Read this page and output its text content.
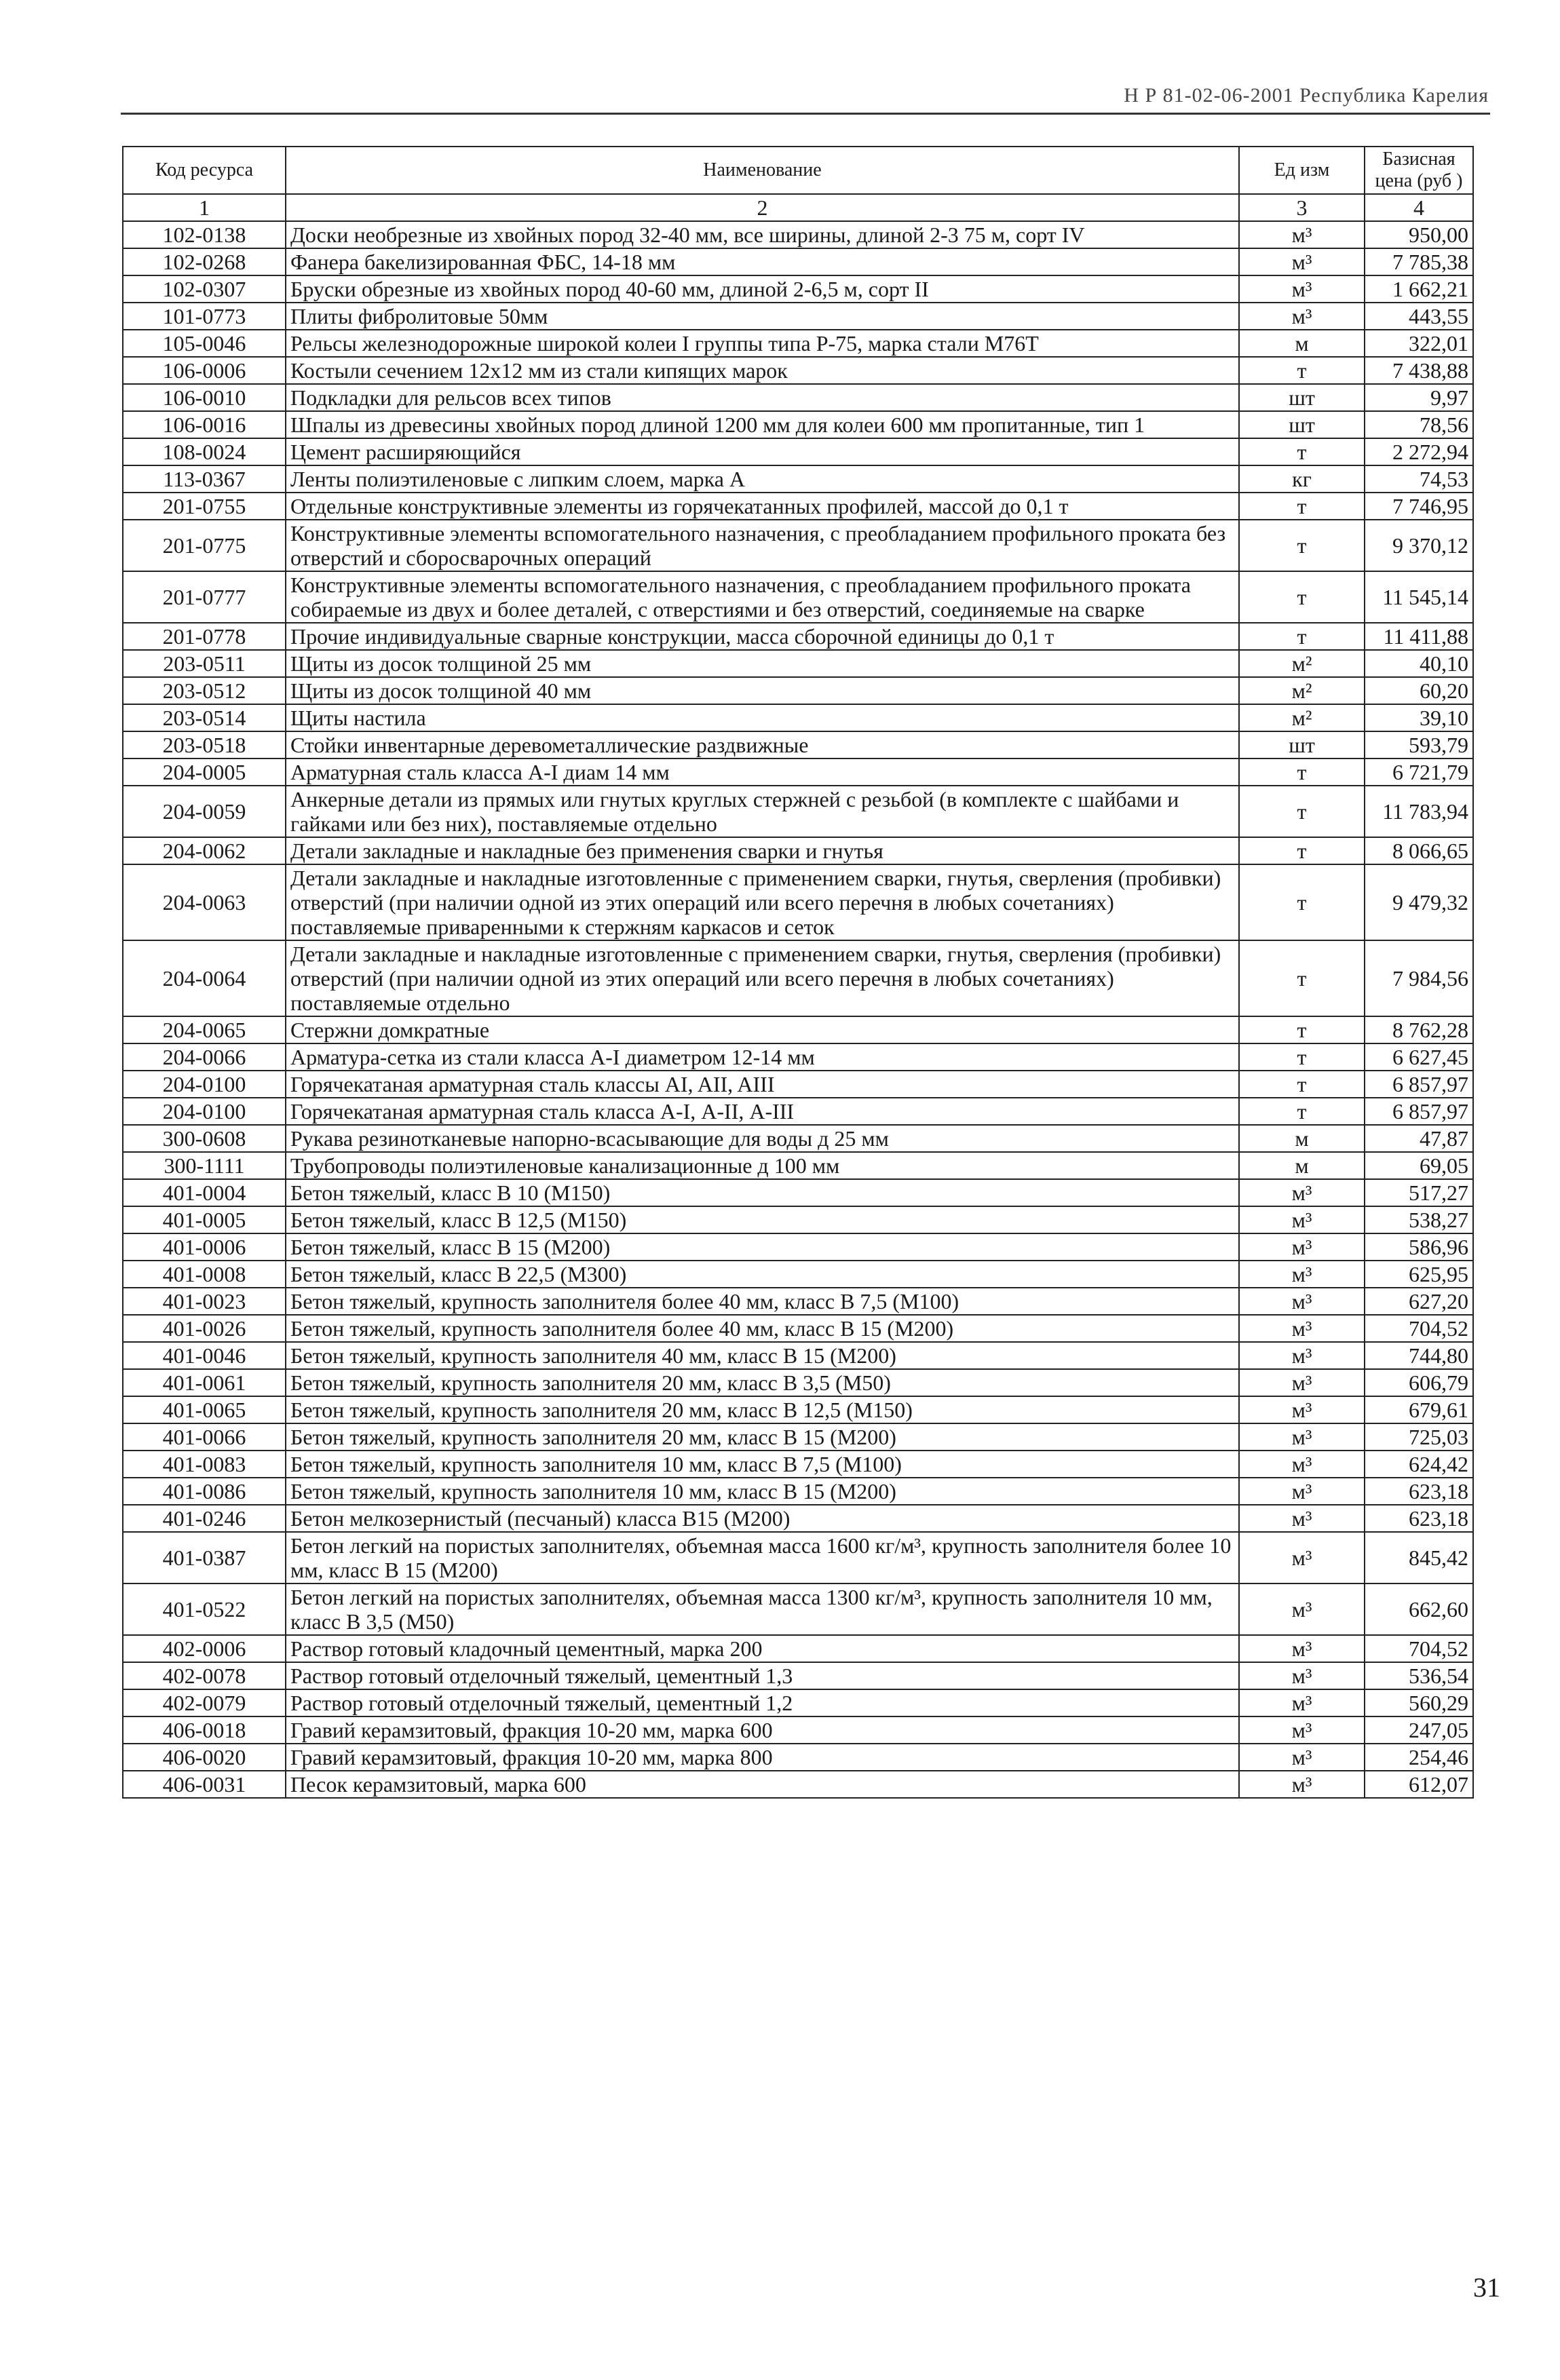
Н Р 81-02-06-2001 Республика Карелия
Код ресурса	Наименование	Ед изм	Базисная цена (руб )
1	2	3	4
102-0138	Доски необрезные из хвойных пород 32-40 мм, все ширины, длиной 2-3 75 м, сорт IV	м³	950,00
102-0268	Фанера бакелизированная ФБС, 14-18 мм	м³	7 785,38
102-0307	Бруски обрезные из хвойных пород 40-60 мм, длиной 2-6,5 м, сорт II	м³	1 662,21
101-0773	Плиты фибролитовые 50мм	м³	443,55
105-0046	Рельсы железнодорожные широкой колеи I группы типа Р-75, марка стали М76Т	м	322,01
106-0006	Костыли сечением 12х12 мм из стали кипящих марок	т	7 438,88
106-0010	Подкладки для рельсов всех типов	шт	9,97
106-0016	Шпалы из древесины хвойных пород длиной 1200 мм для колеи 600 мм пропитанные, тип 1	шт	78,56
108-0024	Цемент расширяющийся	т	2 272,94
113-0367	Ленты полиэтиленовые с липким слоем, марка А	кг	74,53
201-0755	Отдельные конструктивные элементы из горячекатанных профилей, массой до 0,1 т	т	7 746,95
201-0775	Конструктивные элементы вспомогательного назначения, с преобладанием профильного проката без отверстий и сборосварочных операций	т	9 370,12
201-0777	Конструктивные элементы вспомогательного назначения, с преобладанием профильного проката собираемые из двух и более деталей, с отверстиями и без отверстий, соединяемые на сварке	т	11 545,14
201-0778	Прочие индивидуальные сварные конструкции, масса сборочной единицы до 0,1 т	т	11 411,88
203-0511	Щиты из досок толщиной 25 мм	м²	40,10
203-0512	Щиты из досок толщиной 40 мм	м²	60,20
203-0514	Щиты настила	м²	39,10
203-0518	Стойки инвентарные деревометаллические раздвижные	шт	593,79
204-0005	Арматурная сталь класса А-I диам 14 мм	т	6 721,79
204-0059	Анкерные детали из прямых или гнутых круглых стержней с резьбой (в комплекте с шайбами и гайками или без них), поставляемые отдельно	т	11 783,94
204-0062	Детали закладные и накладные без применения сварки и гнутья	т	8 066,65
204-0063	Детали закладные и накладные изготовленные с применением сварки, гнутья, сверления (пробивки) отверстий (при наличии одной из этих операций или всего перечня в любых сочетаниях) поставляемые приваренными к стержням каркасов и сеток	т	9 479,32
204-0064	Детали закладные и накладные изготовленные с применением сварки, гнутья, сверления (пробивки) отверстий (при наличии одной из этих операций или всего перечня в любых сочетаниях) поставляемые отдельно	т	7 984,56
204-0065	Стержни домкратные	т	8 762,28
204-0066	Арматура-сетка из стали класса А-I диаметром 12-14 мм	т	6 627,45
204-0100	Горячекатаная арматурная сталь классы AI, AII, AIII	т	6 857,97
204-0100	Горячекатаная арматурная сталь класса А-I, А-II, А-III	т	6 857,97
300-0608	Рукава резинотканевые напорно-всасывающие для воды д 25 мм	м	47,87
300-1111	Трубопроводы полиэтиленовые канализационные д 100 мм	м	69,05
401-0004	Бетон тяжелый, класс В 10 (М150)	м³	517,27
401-0005	Бетон тяжелый, класс В 12,5 (М150)	м³	538,27
401-0006	Бетон тяжелый, класс В 15 (М200)	м³	586,96
401-0008	Бетон тяжелый, класс В 22,5 (М300)	м³	625,95
401-0023	Бетон тяжелый, крупность заполнителя более 40 мм, класс В 7,5 (М100)	м³	627,20
401-0026	Бетон тяжелый, крупность заполнителя более 40 мм, класс В 15 (М200)	м³	704,52
401-0046	Бетон тяжелый, крупность заполнителя 40 мм, класс В 15 (М200)	м³	744,80
401-0061	Бетон тяжелый, крупность заполнителя 20 мм, класс В 3,5 (М50)	м³	606,79
401-0065	Бетон тяжелый, крупность заполнителя 20 мм, класс В 12,5 (М150)	м³	679,61
401-0066	Бетон тяжелый, крупность заполнителя 20 мм, класс В 15 (М200)	м³	725,03
401-0083	Бетон тяжелый, крупность заполнителя 10 мм, класс В 7,5 (М100)	м³	624,42
401-0086	Бетон тяжелый, крупность заполнителя 10 мм, класс В 15 (М200)	м³	623,18
401-0246	Бетон мелкозернистый (песчаный) класса В15 (М200)	м³	623,18
401-0387	Бетон легкий на пористых заполнителях, объемная масса 1600 кг/м³, крупность заполнителя более 10 мм, класс В 15 (М200)	м³	845,42
401-0522	Бетон легкий на пористых заполнителях, объемная масса 1300 кг/м³, крупность заполнителя 10 мм, класс В 3,5 (М50)	м³	662,60
402-0006	Раствор готовый кладочный цементный, марка 200	м³	704,52
402-0078	Раствор готовый отделочный тяжелый, цементный 1,3	м³	536,54
402-0079	Раствор готовый отделочный тяжелый, цементный 1,2	м³	560,29
406-0018	Гравий керамзитовый, фракция 10-20 мм, марка 600	м³	247,05
406-0020	Гравий керамзитовый, фракция 10-20 мм, марка 800	м³	254,46
406-0031	Песок керамзитовый, марка 600	м³	612,07
31
